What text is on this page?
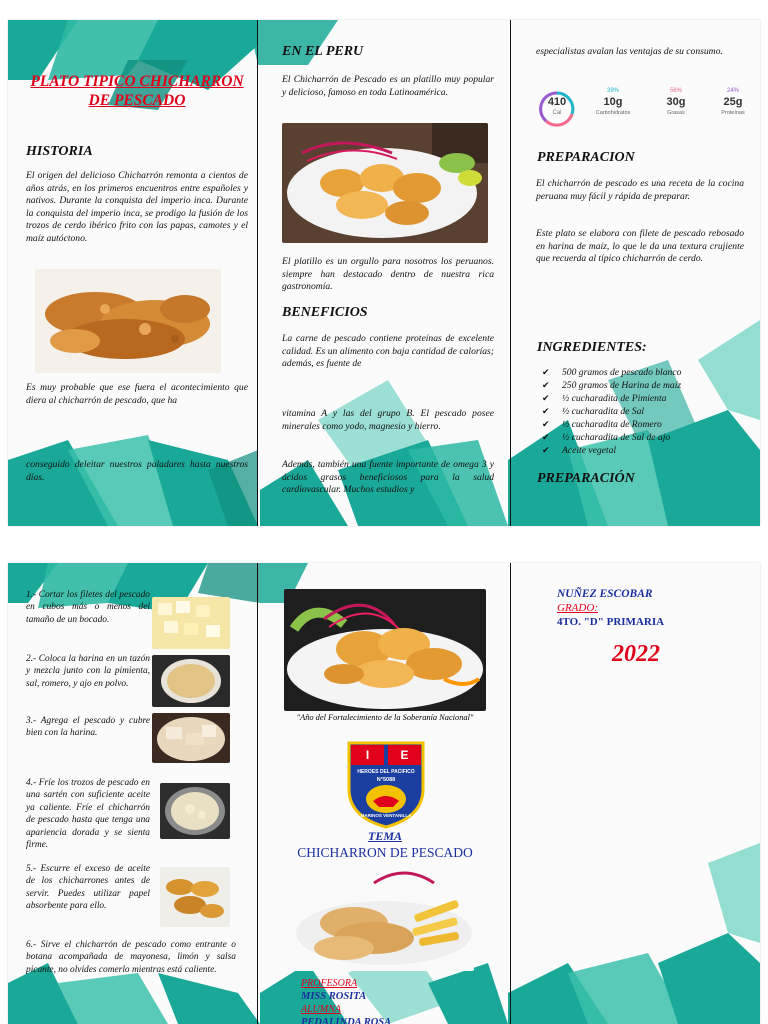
PLATO TIPICO CHICHARRON DE PESCADO
HISTORIA

El origen del delicioso Chicharrón remonta a cientos de años atrás, en los primeros encuentros entre españoles y nativos. Durante la conquista del imperio inca. Durante la conquista del imperio inca, se prodigo la fusión de los trozos de cerdo ibérico frito con las papas, camotes y el maíz autóctono.

Es muy probable que ese fuera el acontecimiento que diera al chicharrón de pescado, que ha

conseguido deleitar nuestros paladares hasta nuestros días.

EN EL PERU

El Chicharrón de Pescado es un platillo muy popular y delicioso, famoso en toda Latinoamérica.

El platillo es un orgullo para nosotros los peruanos. siempre han destacado dentro de nuestra rica gastronomía.

BENEFICIOS

La carne de pescado contiene proteínas de excelente calidad. Es un alimento con baja cantidad de calorías; además, es fuente de

vitamina A y las del grupo B. El pescado posee minerales como yodo, magnesio y hierro.

Además, también una fuente importante de omega 3 y ácidos grasos beneficiosos para la salud cardiovascular. Muchos estudios y

especialistas avalan las ventajas de su consumo.

410
Cal
39%
10g
Carbohidratos
56%
30g
Grasas
24%
25g
Proteínas
PREPARACION

El chicharrón de pescado es una receta de la cocina peruana muy fácil y rápida de preparar.

Este plato se elabora con filete de pescado rebosado en harina de maíz, lo que le da una textura crujiente que recuerda al típico chicharrón de cerdo.

INGREDIENTES:
✔ 500 gramos de pescado blanco
✔ 250 gramos de Harina de maíz
✔ ½ cucharadita de Pimienta
✔ ½ cucharadita de Sal
✔ ½ cucharadita de Romero
✔ ½ cucharadita de Sal de ajo
✔ Aceite vegetal
PREPARACIÓN
1.- Cortar los filetes del pescado en cubos más o menos del tamaño de un bocado.
2.- Coloca la harina en un tazón y mezcla junto con la pimienta, sal, romero, y ajo en polvo.
3.- Agrega el pescado y cubre bien con la harina.
4.- Fríe los trozos de pescado en una sartén con suficiente aceite ya caliente. Fríe el chicharrón de pescado hasta que tenga una apariencia dorada y se sienta firme.
5.- Escurre el exceso de aceite de los chicharrones antes de servir. Puedes utilizar papel absorbente para ello.
6.- Sirve el chicharrón de pescado como entrante o botana acompañada de mayonesa, limón y salsa picante, no olvides comerlo mientras está caliente.
"Año del Fortalecimiento de la Soberanía Nacional"
I	E
HEROES DEL PACIFICO
N°5088
MARINOS VENTANILLA
TEMA
CHICHARRON DE PESCADO
PROFESORA
MISS ROSITA
ALUMNA
PEDALINDA ROSA
NUÑEZ ESCOBAR
GRADO:
4TO. "D" PRIMARIA
2022
